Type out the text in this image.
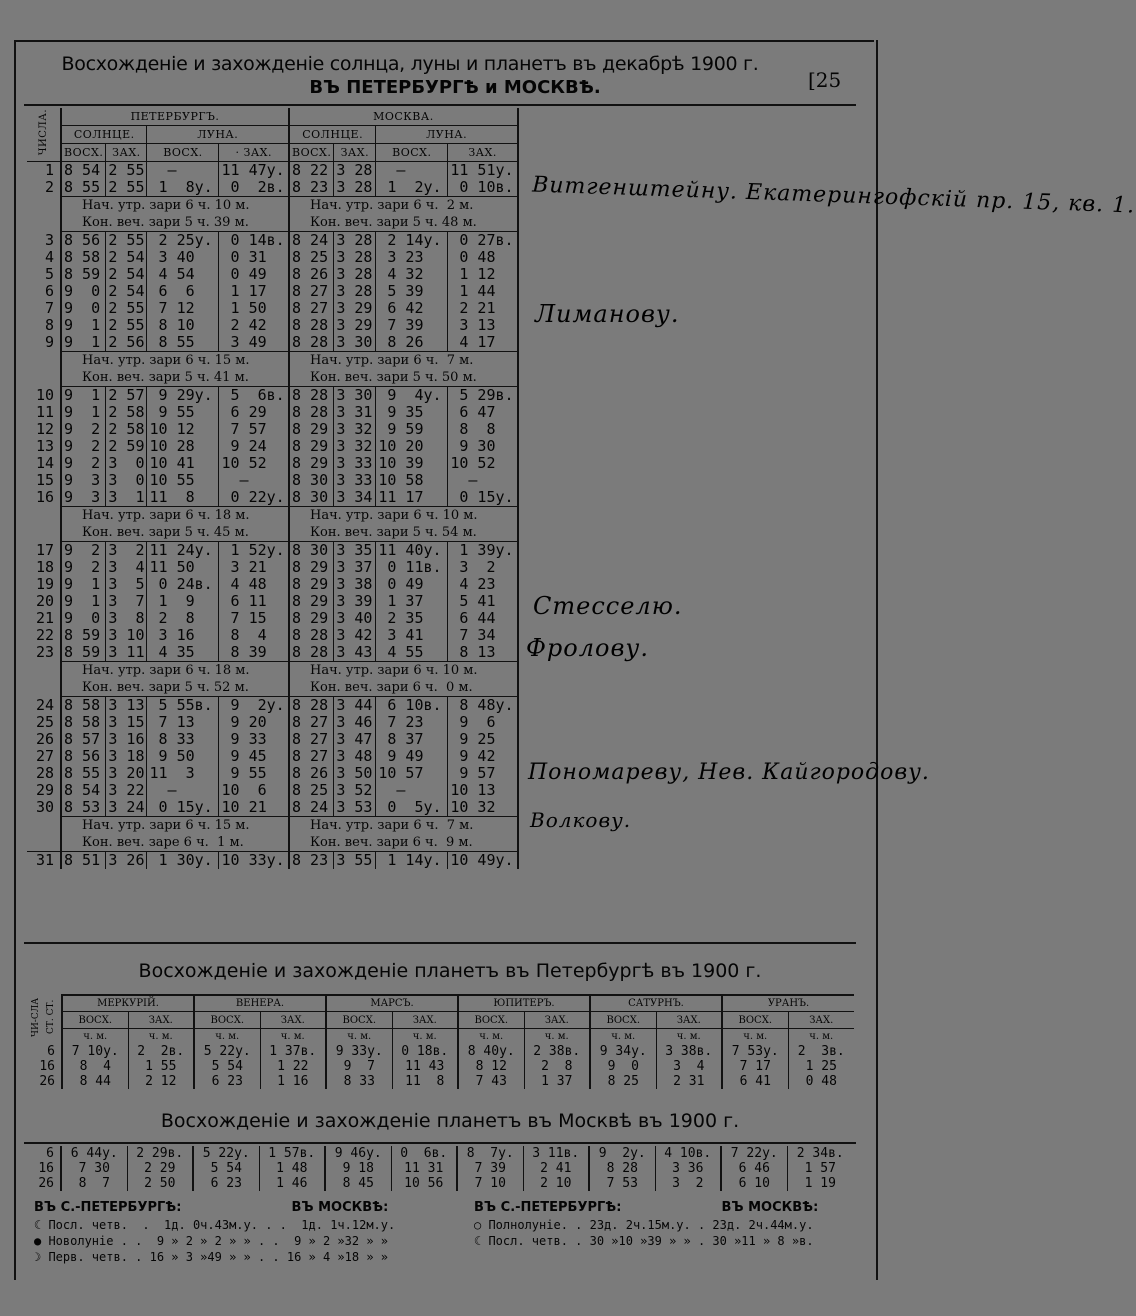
Восхожденіе и захожденіе солнца, луны и планетъ въ декабрѣ 1900 г.
ВЪ ПЕТЕРБУРГѢ и МОСКВѢ.	[25
ЧИСЛА.	ПЕТЕРБУРГЪ.				МОСКВА.			
	СОЛНЦЕ.		ЛУНА.		СОЛНЦЕ.		ЛУНА.	
	ВОСХ.	ЗАХ.	ВОСХ.	· ЗАХ.	ВОСХ.	ЗАХ.	ВОСХ.	ЗАХ.
1	8 54	2 55	—	11 47у.	8 22	3 28	—	11 51у.
2	8 55	2 55	1  8у.	0  2в.	8 23	3 28	1  2у.	0 10в.
	Нач. утр. зари 6 ч. 10 м.				Нач. утр. зари 6 ч.  2 м.			
	Кон. веч. зари 5 ч. 39 м.				Кон. веч. зари 5 ч. 48 м.			
3	8 56	2 55	2 25у.	0 14в.	8 24	3 28	2 14у.	0 27в.
4	8 58	2 54	3 40	0 31	8 25	3 28	3 23	0 48
5	8 59	2 54	4 54	0 49	8 26	3 28	4 32	1 12
6	9  0	2 54	6  6	1 17	8 27	3 28	5 39	1 44
7	9  0	2 55	7 12	1 50	8 27	3 29	6 42	2 21
8	9  1	2 55	8 10	2 42	8 28	3 29	7 39	3 13
9	9  1	2 56	8 55	3 49	8 28	3 30	8 26	4 17
	Нач. утр. зари 6 ч. 15 м.				Нач. утр. зари 6 ч.  7 м.			
	Кон. веч. зари 5 ч. 41 м.				Кон. веч. зари 5 ч. 50 м.			
10	9  1	2 57	9 29у.	5  6в.	8 28	3 30	9  4у.	5 29в.
11	9  1	2 58	9 55	6 29	8 28	3 31	9 35	6 47
12	9  2	2 58	10 12	7 57	8 29	3 32	9 59	8  8
13	9  2	2 59	10 28	9 24	8 29	3 32	10 20	9 30
14	9  2	3  0	10 41	10 52	8 29	3 33	10 39	10 52
15	9  3	3  0	10 55	—	8 30	3 33	10 58	—
16	9  3	3  1	11  8	0 22у.	8 30	3 34	11 17	0 15у.
	Нач. утр. зари 6 ч. 18 м.				Нач. утр. зари 6 ч. 10 м.			
	Кон. веч. зари 5 ч. 45 м.				Кон. веч. зари 5 ч. 54 м.			
17	9  2	3  2	11 24у.	1 52у.	8 30	3 35	11 40у.	1 39у.
18	9  2	3  4	11 50	3 21	8 29	3 37	0 11в.	3  2
19	9  1	3  5	0 24в.	4 48	8 29	3 38	0 49	4 23
20	9  1	3  7	1  9	6 11	8 29	3 39	1 37	5 41
21	9  0	3  8	2  8	7 15	8 29	3 40	2 35	6 44
22	8 59	3 10	3 16	8  4	8 28	3 42	3 41	7 34
23	8 59	3 11	4 35	8 39	8 28	3 43	4 55	8 13
	Нач. утр. зари 6 ч. 18 м.				Нач. утр. зари 6 ч. 10 м.			
	Кон. веч. зари 5 ч. 52 м.				Кон. веч. зари 6 ч.  0 м.			
24	8 58	3 13	5 55в.	9  2у.	8 28	3 44	6 10в.	8 48у.
25	8 58	3 15	7 13	9 20	8 27	3 46	7 23	9  6
26	8 57	3 16	8 33	9 33	8 27	3 47	8 37	9 25
27	8 56	3 18	9 50	9 45	8 27	3 48	9 49	9 42
28	8 55	3 20	11  3	9 55	8 26	3 50	10 57	9 57
29	8 54	3 22	—	10  6	8 25	3 52	—	10 13
30	8 53	3 24	0 15у.	10 21	8 24	3 53	0  5у.	10 32
	Нач. утр. зари 6 ч. 15 м.				Нач. утр. зари 6 ч.  7 м.			
	Кон. веч. заре 6 ч.  1 м.				Кон. веч. зари 6 ч.  9 м.			
31	8 51	3 26	1 30у.	10 33у.	8 23	3 55	1 14у.	10 49у.
Восхожденіе и захожденіе планетъ въ Петербургѣ въ 1900 г.
ЧИ-СЛА СТ. СТ.	МЕРКУРІЙ.		ВЕНЕРА.		МАРСЪ.		ЮПИТЕРЪ.		САТУРНЪ.		УРАНЪ.	
	ВОСХ.	ЗАХ.	ВОСХ.	ЗАХ.	ВОСХ.	ЗАХ.	ВОСХ.	ЗАХ.	ВОСХ.	ЗАХ.	ВОСХ.	ЗАХ.
	ч. м.	ч. м.	ч. м.	ч. м.	ч. м.	ч. м.	ч. м.	ч. м.	ч. м.	ч. м.	ч. м.	ч. м.
6	7 10у.	2  2в.	5 22у.	1 37в.	9 33у.	0 18в.	8 40у.	2 38в.	9 34у.	3 38в.	7 53у.	2  3в.
16	8  4	1 55	5 54	1 22	9  7	11 43	8 12	2  8	9  0	3  4	7 17	1 25
26	8 44	2 12	6 23	1 16	8 33	11  8	7 43	1 37	8 25	2 31	6 41	0 48
Восхожденіе и захожденіе планетъ въ Москвѣ въ 1900 г.
6	6 44у.	2 29в.	5 22у.	1 57в.	9 46у.	0  6в.	8  7у.	3 11в.	9  2у.	4 10в.	7 22у.	2 34в.
16	7 30	2 29	5 54	1 48	9 18	11 31	7 39	2 41	8 28	3 36	6 46	1 57
26	8  7	2 50	6 23	1 46	8 45	10 56	7 10	2 10	7 53	3  2	6 10	1 19
ВЪ С.-ПЕТЕРБУРГѢ:	ВЪ МОСКВѢ:
☾ Посл. четв.  .  1д. 0ч.43м.у. . .  1д. 1ч.12м.у.
● Новолуніе . .  9 » 2 » 2 » » . .  9 » 2 »32 » »
☽ Перв. четв. . 16 » 3 »49 » » . . 16 » 4 »18 » »
ВЪ С.-ПЕТЕРБУРГѢ:	ВЪ МОСКВѢ:
○ Полнолуніе. . 23д. 2ч.15м.у. . 23д. 2ч.44м.у.
☾ Посл. четв. . 30 »10 »39 » » . 30 »11 » 8 »в.
Витгенштейну. Екатерингофскій пр. 15, кв. 1.
Лиманову.
Стесселю.
Фролову.
Пономареву, Нев. Кайгородову.
Волкову.
